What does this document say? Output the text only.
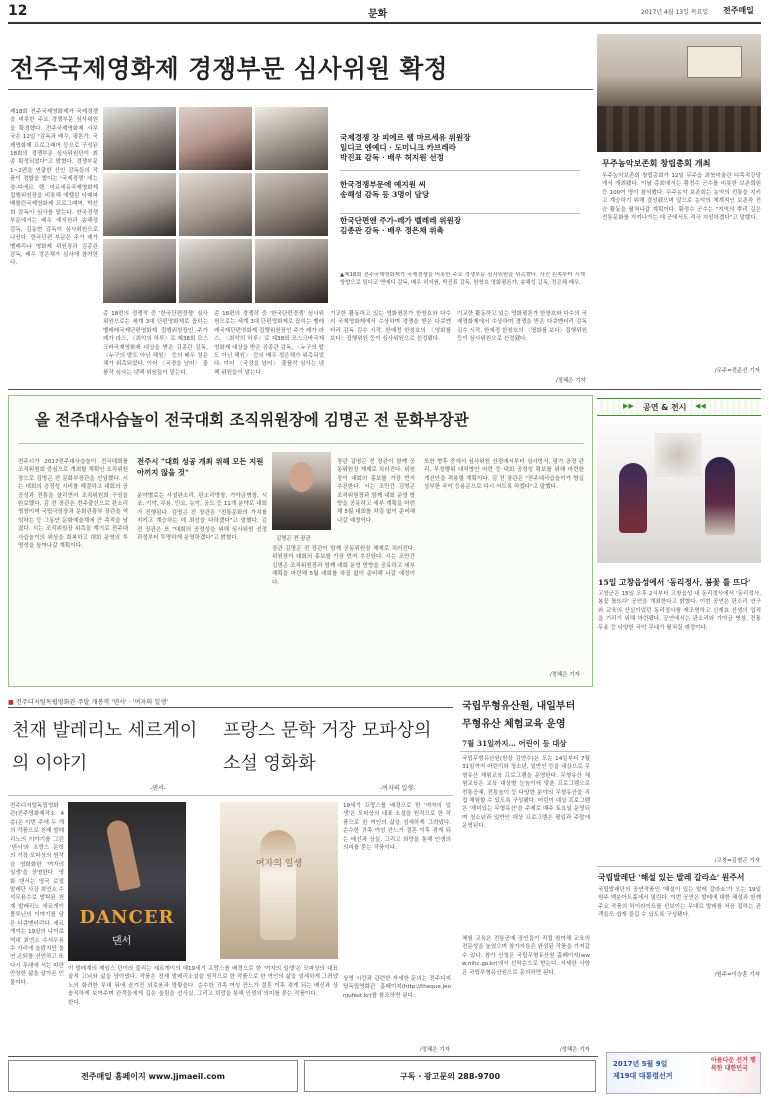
12	문화	2017년 4월 13일 목요일 전주매일
전주국제영화제 경쟁부문 심사위원 확정
제18회 전주국제영화제가 국제경쟁을 비롯한 주요 경쟁부문 심사위원을 확정했다. 전주국제영화제 사무국은 12일 "감독과 배우, 평론가, 국제영화제 프로그래머 등으로 구성된 18회의 경쟁부문 심사위원단이 최종 확정되었다"고 밝혔다. 경쟁부문 1~2편을 연출한 신인 감독들의 작품이 경합을 벌이는 '국제경쟁' 에는 장-피에르 렘 마르세유국제영화제 집행위원장을 비롯해 에펠린 다메파 베를린국제영화제 프로그래머, 박선희 감독이 심사를 맡는다. 한국경쟁부문에서는 배우 예지원과 송해성 감독, 김동현 감독이 심사위원으로 나선다. 한국단편 부문은 주가 레가 벨레리나 영화제 위원장과 김종관 감독, 배우 정은채가 심사에 참여한다.
국제경쟁 장 피에르 렘 마르세유 위원장
일디코 엔예디 · 도미니크 카브레라
박진표 감독 · 배우 허지원 선정
한국경쟁부문에 예지원 씨
송해성 감독 등 3명이 담당
한국단편엔 주가-레가 벨레레 위원장
김종관 감독 · 배우 정은채 위촉
▲제18회 전주국제영화제가 국제경쟁을 비롯한 주요 경쟁부문 심사위원을 위촉했다. 사진 왼쪽부터 시계방향으로 일디코 엔예디 감독, 배우 허지원, 박진표 감독, 한창호 영화평론가, 송해성 감독, 정은채 배우.
총 18편의 경쟁작 중 '한국단편경쟁' 심사위원으로는 세계 3대 단편영화제로 꼽히는 벨레레국제단편영화제 집행위원장인 주가 레가 라스, 〈최악의 하루〉로 제38회 모스크바국제영화제 대상을 받은 김종관 감독, 〈누구의 딸도 아닌 해원〉 등의 배우 정은채가 위촉되었다. 이어 〈국경을 넘어〉 출품작 심사는 넷팩 위원들이 맡는다.
총 18편의 경쟁작 중 '한국단편경쟁' 심사위원으로는 세계 3대 단편영화제로 꼽히는 벨레레국제단편영화제 집행위원장인 주가 레가 라스, 〈최악의 하루〉로 제38회 모스크바국제영화제 대상을 받은 김종관 감독, 〈누구의 딸도 아닌 해원〉 등의 배우 정은채가 위촉되었다. 이어 〈국경을 넘어〉 출품작 심사는 넷팩 위원들이 맡는다.
기교한 활동하고 있는 영화평론가 한창호와 다수의 국제영화제에서 수상하며 경쟁을 받은 다큐멘터리 감독 김수 시작, 한예정 한창호의 〈영화를 보다〉집행위원 등이 심사위원으로 선정됐다.
기교한 활동하고 있는 영화평론가 한창호와 다수의 국제영화제에서 수상하며 경쟁을 받은 다큐멘터리 감독 김수 시작, 한예정 한창호의 〈영화를 보다〉집행위원 등이 심사위원으로 선정됐다.
/정혜은 기자
무주농악보존회 창립총회 개최
무주농악보존회 창립총회가 12일 무주읍 최북미술관 다목적강당에서 개최됐다. 이날 총회에서는 황정수 군수를 비롯한 보존회원 등 100여 명이 참석했다. 무주농악 보존회는 농악의 전통을 지키고 계승하기 위해 결성됐으며 앞으로 농악의 체계적인 보존과 전승 활동을 펼쳐나갈 계획이다. 황정수 군수는 "지역의 뿌리 깊은 전통문화를 지켜나가는 데 군에서도 적극 지원하겠다"고 말했다.
/무주=전준선 기자
올 전주대사습놀이 전국대회 조직위원장에 김명곤 전 문화부장관
전주시가 2017전주대사습놀이 전국대회를 조직위원회 중심으로 개최할 계획인 조직위원장으로 김명곤 전 문화부장관을 선임했다. 시는 대회의 공정성 시비를 해결하고 대회의 공공성과 전통을 살리면서 조직위원회 구성을 완료했다. 김 전 장관은 전주출신으로 판소리 명창이며 국립극장장과 문화관광부 장관을 역임하는 등 그동안 문화예술계에 큰 족적을 남겼다. 시는 조직위원장 위촉을 계기로 전주대사습놀이의 위상을 회복하고 대회 운영의 투명성을 높여나갈 계획이다.
전주시 "대회 성공 개최 위해 모든 지원 아끼지 않을 것"
김명곤 전 장관
분야별로는 사설판소리, 판소리명창, 가야금병창, 시조, 기악, 무용, 민요, 농악, 궁도 등 11개 분야로 대회가 진행된다. 김명곤 전 장관은 "전통문화의 가치를 지키고 계승하는 데 최선을 다하겠다"고 말했다. 김 전 장관은 또 "대회의 공정성을 위해 심사위원 선정 과정부터 투명하게 운영하겠다"고 밝혔다.
장관 김명곤 전 장관이 함께 공동위원장 체제로 치러진다. 위원장이 대회의 홍보를 가장 먼저 추진한다. 시는 조만간 김명곤 조직위원장과 함께 대회 운영 방향을 공유하고 세부 계획을 마련해 5월 대회를 차질 없이 준비해 나갈 예정이다.
장관 김명곤 전 장관이 함께 공동위원장 체제로 치러진다. 위원장이 대회의 홍보를 가장 먼저 추진한다. 시는 조만간 김명곤 조직위원장과 함께 대회 운영 방향을 공유하고 세부 계획을 마련해 5월 대회를 차질 없이 준비해 나갈 예정이다.
또한 향후 중에서 심사위원 선정에서부터 심사방식, 평가 공정 관리, 부정행위 대처방안 마련 등 대회 공정성 확보를 위해 마련한 개선안을 적용할 계획이다. 김 전 장관은 "전주대사습놀이가 명실상부한 국악 등용문으로 다시 서도록 하겠다"고 말했다.
/정혜은 기자
▶▶ 공연 & 전시 ◀◀
15일 고창읍성에서 '동리정사, 봄꽃 틀 뜨다'
고창군은 15일 오후 2시부터 고창읍성 내 동리정사에서 '동리정사, 봄꽃 틀뜨다' 공연을 개최한다고 밝혔다. 이번 공연은 판소리 연구와 교육의 산실이었던 동리정사를 재조명하고 신재효 선생의 업적을 기리기 위해 마련됐다. 공연에서는 판소리와 가야금 병창, 전통무용 등 다양한 국악 무대가 펼쳐질 예정이다.
/고창=김형곤 기자
국립발레단 '해설 있는 발레 갈라쇼' 원주서
국립발레단의 공연작품인 '해설이 있는 발레 갈라쇼'가 오는 19일 원주 백운아트홀에서 열린다. 이번 공연은 발레에 대한 해설과 함께 주요 작품의 하이라이트를 선보이는 무대로 발레를 처음 접하는 관객들도 쉽게 즐길 수 있도록 구성됐다.
/원주=이승훈 기자
■ 전주디지털독립영화관 주말 개봉작 '댄서' · '여자의 일생'
천재 발레리노 세르게이의 이야기
-댄서-
프랑스 문학 거장 모파상의 소설 영화화
-여자의 일생-
전주디지털독립영화관(전주영화제작소 4층)은 이번 주에 두 개의 작품으로 천재 발레리노의 이야기를 그린 '댄서'와 프랑스 문학의 거장 모파상의 원작을 영화화한 '여자의 일생'을 상영한다. 영화 댄서는 영국 로열 발레단 사상 최연소 수석무용수로 발탁된 천재 발레리노 세르게이 폴루닌의 이야기를 담은 다큐멘터리다. 세르게이는 19살의 나이로 역대 최연소 수석무용수 자리에 올랐지만 돌연 은퇴를 선언하고 또 다시 무대에 서는 파란만장한 삶을 살아온 인물이다.
DANCER
댄서
이 발레계의 제임스 딘이라 불리는 세르게이의 예술적 고뇌와 삶을 담아냈다. 작품은 천재 발레리노의 화려한 무대 뒤에 숨겨진 외로움과 방황을 솔직하게 보여주며 관객들에게 깊은 울림을 선사한다.
여자의 일생
19세기 프랑스를 배경으로 한 '여자의 일생'은 모파상의 대표 소설을 원작으로 한 작품으로 한 여인의 삶을 섬세하게 그려냈다. 순수한 귀족 여성 잔느가 결혼 이후 겪게 되는 배신과 상실, 그리고 희망을 통해 인생의 의미를 묻는 작품이다.
19세기 프랑스를 배경으로 한 '여자의 일생'은 모파상의 대표 소설을 원작으로 한 작품으로 한 여인의 삶을 섬세하게 그려냈다. 순수한 귀족 여성 잔느가 결혼 이후 겪게 되는 배신과 상실, 그리고 희망을 통해 인생의 의미를 묻는 작품이다.
상영 시간과 관련한 자세한 문의는 전주디지털독립영화관 홈페이지(http://theque.jeonjufest.kr)를 참조하면 된다.
/정혜은 기자
국립무형유산원, 내일부터
무형유산 체험교육 운영
7월 31일까지… 어린이 등 대상
국립무형유산원(원장 김연수)은 오는 14일부터 7월 31일까지 어린이와 청소년, 일반인 등을 대상으로 무형유산 체험교육 프로그램을 운영한다. 무형유산 체험교육은 교육 대상별 눈높이에 맞춘 프로그램으로 전통공예, 전통놀이 등 다양한 분야의 무형유산을 직접 체험할 수 있도록 구성됐다. 어린이 대상 프로그램은 '재미있는 무형유산'을 주제로 매주 토요일 운영되며 청소년과 일반인 대상 프로그램은 평일과 주말에 운영된다.
체험 교육은 전통공예 장인들이 직접 참여해 교육의 전문성을 높였으며 참가자들은 완성된 작품을 가져갈 수 있다. 참가 신청은 국립무형유산원 홈페이지(www.nihc.go.kr)에서 선착순으로 받는다. 자세한 사항은 국립무형유산원으로 문의하면 된다.
/정혜은 기자
전주매일 홈페이지 www.jjmaeil.com	구독 · 광고문의 288-9700
2017년 5월 9일
제19대 대통령선거
아름다운 선거 행복한 대한민국
